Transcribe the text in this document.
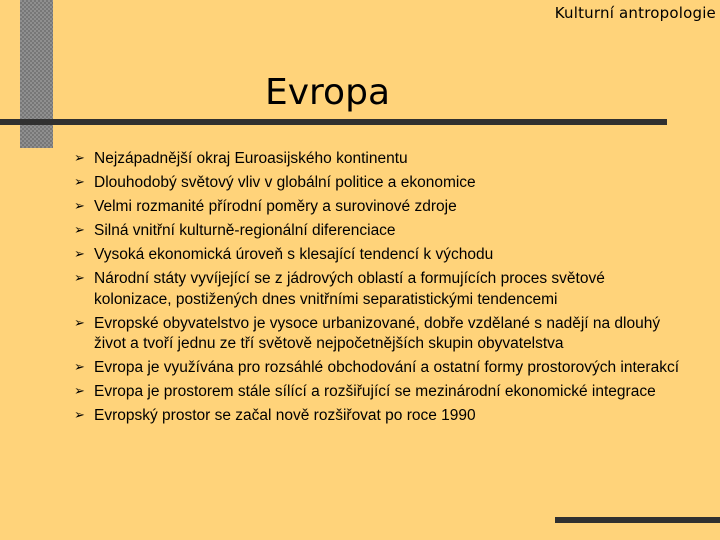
Kulturní antropologie
Evropa
➢ Nejzápadnější okraj Euroasijského kontinentu
➢ Dlouhodobý světový vliv v globální politice a ekonomice
➢ Velmi rozmanité přírodní poměry a surovinové zdroje
➢ Silná vnitřní kulturně-regionální diferenciace
➢ Vysoká ekonomická úroveň s klesající tendencí k východu
➢ Národní státy vyvíjející se z jádrových oblastí a formujících proces světové kolonizace, postižených dnes vnitřními separatistickými tendencemi
➢ Evropské obyvatelstvo je vysoce urbanizované, dobře vzdělané s nadějí na dlouhý život a tvoří jednu ze tří světově nejpočetnějších skupin obyvatelstva
➢ Evropa je využívána pro rozsáhlé obchodování a ostatní formy prostorových interakcí
➢ Evropa je prostorem stále sílící a rozšiřující se mezinárodní ekonomické integrace
➢ Evropský prostor se začal nově rozšiřovat po roce 1990
